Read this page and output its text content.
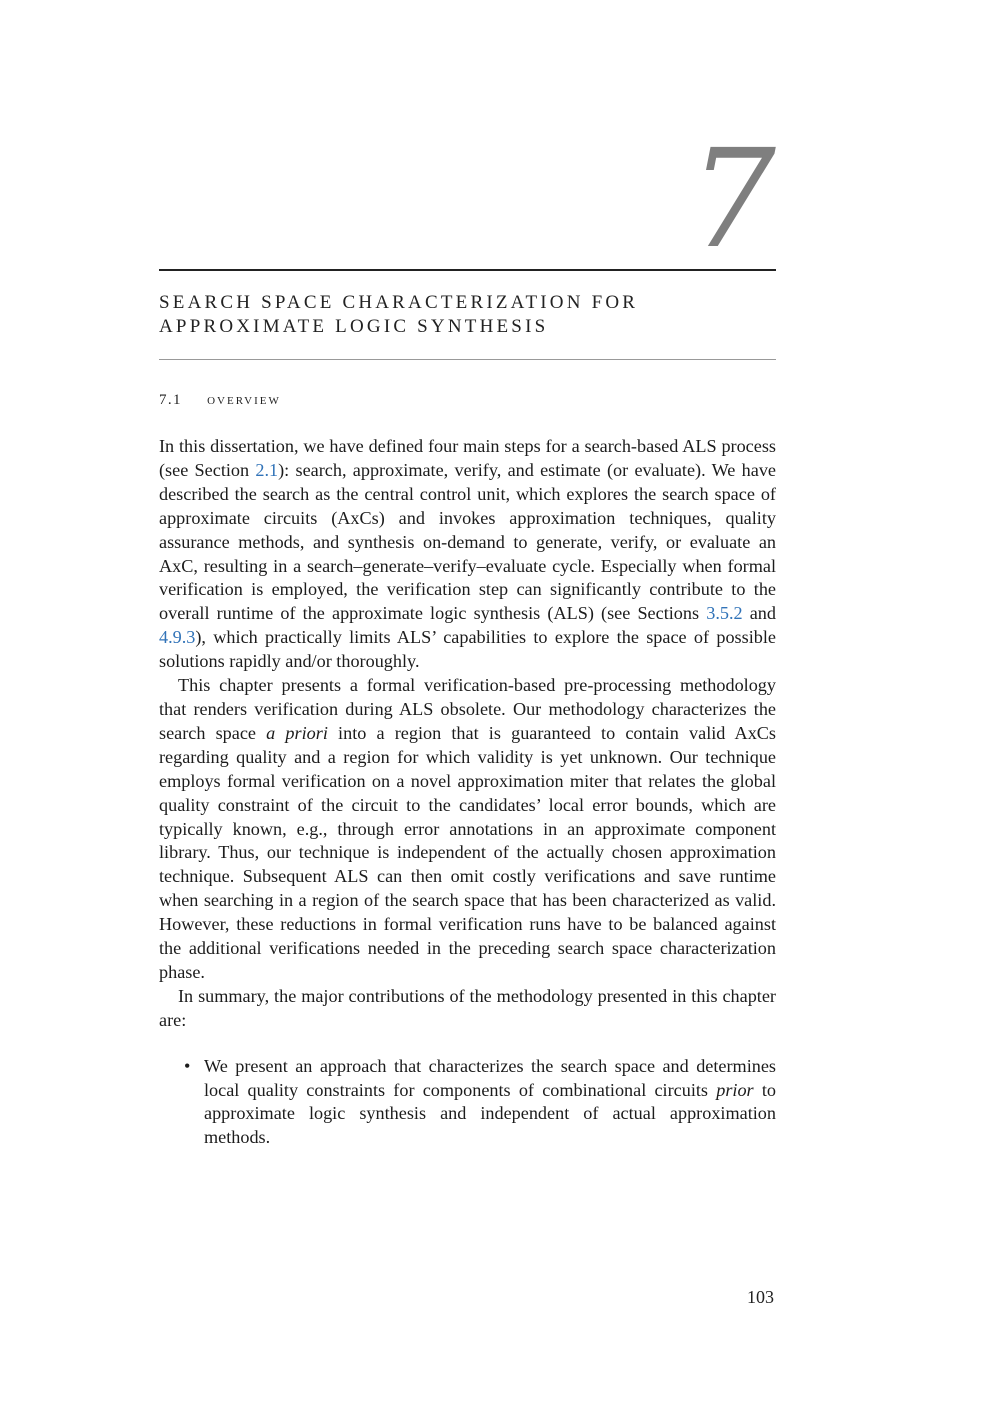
7
SEARCH SPACE CHARACTERIZATION FOR
APPROXIMATE LOGIC SYNTHESIS
7.1 overview

In this dissertation, we have defined four main steps for a search-based ALS process (see Section 2.1): search, approximate, verify, and estimate (or evaluate). We have described the search as the central control unit, which explores the search space of approximate circuits (AxCs) and invokes approximation techniques, quality assurance methods, and synthesis on-demand to generate, verify, or evaluate an AxC, resulting in a search–generate–verify–evaluate cycle. Especially when formal verification is employed, the verification step can significantly contribute to the overall runtime of the approximate logic synthesis (ALS) (see Sections 3.5.2 and 4.9.3), which practically limits ALS’ capabilities to explore the space of possible solutions rapidly and/or thoroughly.

This chapter presents a formal verification-based pre-processing methodology that renders verification during ALS obsolete. Our methodology characterizes the search space a priori into a region that is guaranteed to contain valid AxCs regarding quality and a region for which validity is yet unknown. Our technique employs formal verification on a novel approximation miter that relates the global quality constraint of the circuit to the candidates’ local error bounds, which are typically known, e.g., through error annotations in an approximate component library. Thus, our technique is independent of the actually chosen approximation technique. Subsequent ALS can then omit costly verifications and save runtime when searching in a region of the search space that has been characterized as valid. However, these reductions in formal verification runs have to be balanced against the additional verifications needed in the preceding search space characterization phase.

In summary, the major contributions of the methodology presented in this chapter are:

• We present an approach that characterizes the search space and determines local quality constraints for components of combinational circuits prior to approximate logic synthesis and independent of actual approximation methods.
103
